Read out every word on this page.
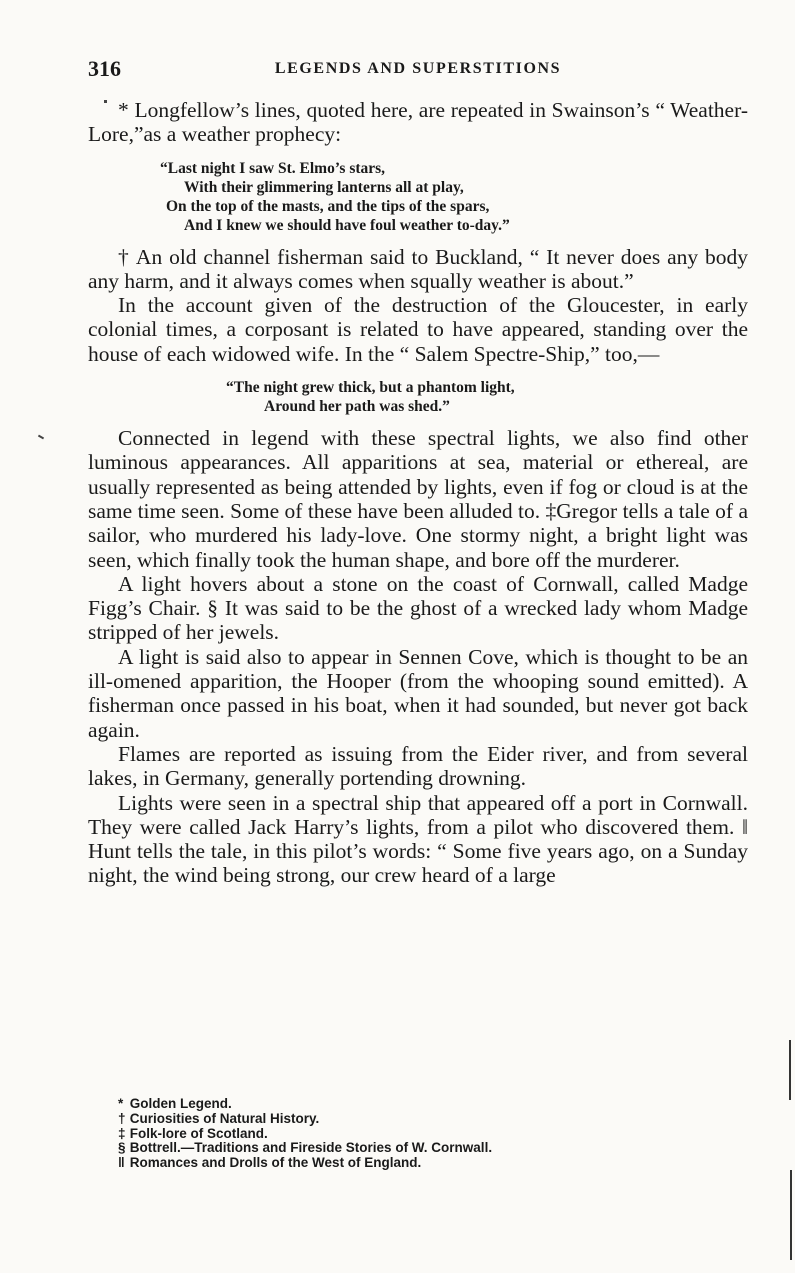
316	LEGENDS AND SUPERSTITIONS

* Longfellow’s lines, quoted here, are repeated in Swainson’s “ Weather-Lore,”as a weather prophecy:

“Last night I saw St. Elmo’s stars,
With their glimmering lanterns all at play,
On the top of the masts, and the tips of the spars,
And I knew we should have foul weather to-day.”

† An old channel fisherman said to Buckland, “ It never does any body any harm, and it always comes when squally weather is about.”

In the account given of the destruction of the Gloucester, in early colonial times, a corposant is related to have appeared, standing over the house of each widowed wife. In the “ Salem Spectre-Ship,” too,—

“The night grew thick, but a phantom light,
Around her path was shed.”

Connected in legend with these spectral lights, we also find other luminous appearances. All apparitions at sea, material or ethereal, are usually represented as being attended by lights, even if fog or cloud is at the same time seen. Some of these have been alluded to. ‡Gregor tells a tale of a sailor, who murdered his lady-love. One stormy night, a bright light was seen, which finally took the human shape, and bore off the murderer.

A light hovers about a stone on the coast of Cornwall, called Madge Figg’s Chair. § It was said to be the ghost of a wrecked lady whom Madge stripped of her jewels.

A light is said also to appear in Sennen Cove, which is thought to be an ill-omened apparition, the Hooper (from the whooping sound emitted). A fisherman once passed in his boat, when it had sounded, but never got back again.

Flames are reported as issuing from the Eider river, and from several lakes, in Germany, generally portending drowning.

Lights were seen in a spectral ship that appeared off a port in Cornwall. They were called Jack Harry’s lights, from a pilot who discovered them. ‖ Hunt tells the tale, in this pilot’s words: “ Some five years ago, on a Sunday night, the wind being strong, our crew heard of a large

* Golden Legend.
† Curiosities of Natural History.
‡ Folk-lore of Scotland.
§ Bottrell.—Traditions and Fireside Stories of W. Cornwall.
‖ Romances and Drolls of the West of England.
